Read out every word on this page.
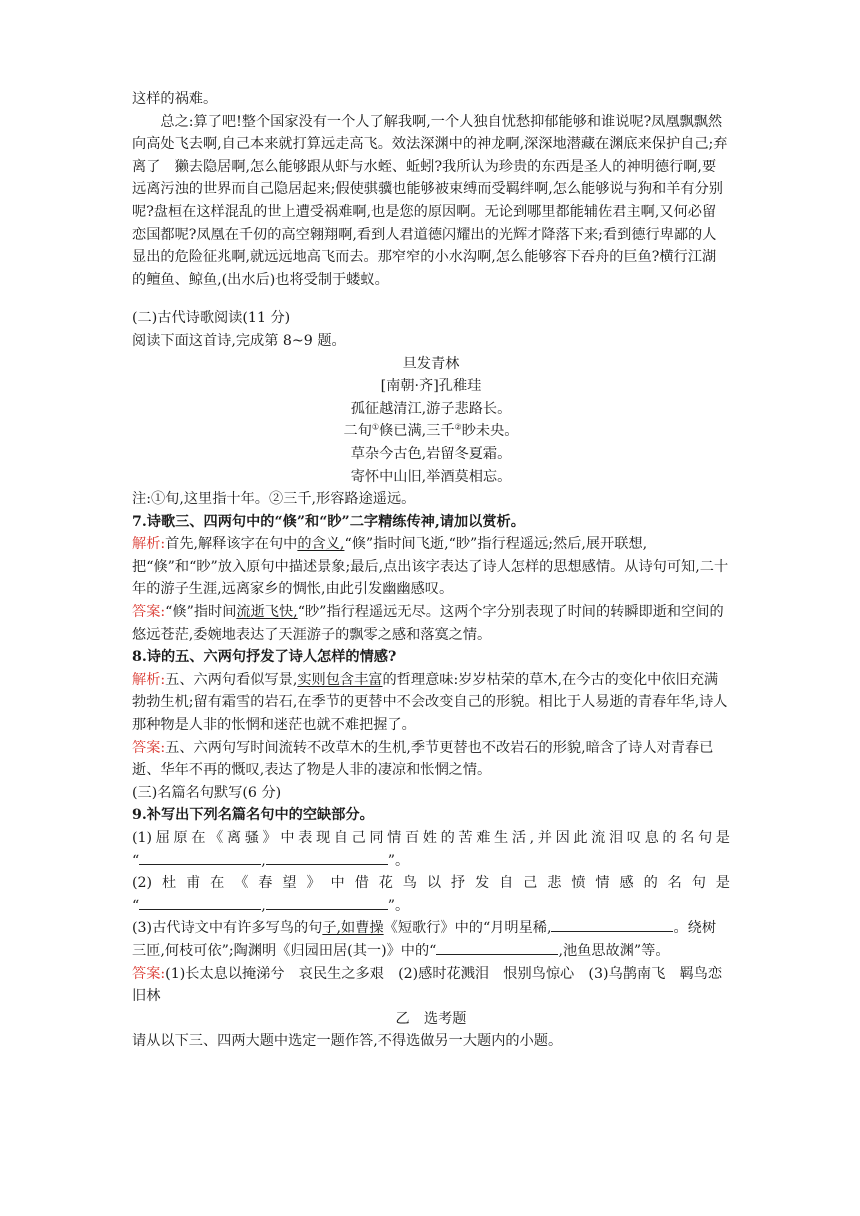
这样的祸难。

总之:算了吧!整个国家没有一个人了解我啊,一个人独自忧愁抑郁能够和谁说呢?凤凰飘飘然向高处飞去啊,自己本来就打算远走高飞。效法深渊中的神龙啊,深深地潜藏在渊底来保护自己;弃离了　獭去隐居啊,怎么能够跟从虾与水蛭、蚯蚓?我所认为珍贵的东西是圣人的神明德行啊,要远离污浊的世界而自己隐居起来;假使骐骥也能够被束缚而受羁绊啊,怎么能够说与狗和羊有分别呢?盘桓在这样混乱的世上遭受祸难啊,也是您的原因啊。无论到哪里都能辅佐君主啊,又何必留恋国都呢?凤凰在千仞的高空翱翔啊,看到人君道德闪耀出的光辉才降落下来;看到德行卑鄙的人显出的危险征兆啊,就远远地高飞而去。那窄窄的小水沟啊,怎么能够容下吞舟的巨鱼?横行江湖的鳣鱼、鲸鱼,(出水后)也将受制于蝼蚁。

(二)古代诗歌阅读(11 分)

阅读下面这首诗,完成第 8~9 题。

旦发青林

[南朝·齐]孔稚珪

孤征越清江,游子悲路长。

二旬①倏已满,三千②眇未央。

草杂今古色,岩留冬夏霜。

寄怀中山旧,举酒莫相忘。

注:①旬,这里指十年。②三千,形容路途遥远。

7.诗歌三、四两句中的“倏”和“眇”二字精练传神,请加以赏析。

解析:首先,解释该字在句中的含义,“倏”指时间飞逝,“眇”指行程遥远;然后,展开联想,把“倏”和“眇”放入原句中描述景象;最后,点出该字表达了诗人怎样的思想感情。从诗句可知,二十年的游子生涯,远离家乡的惆怅,由此引发幽幽感叹。

答案:“倏”指时间流逝飞快,“眇”指行程遥远无尽。这两个字分别表现了时间的转瞬即逝和空间的悠远苍茫,委婉地表达了天涯游子的飘零之感和落寞之情。

8.诗的五、六两句抒发了诗人怎样的情感?

解析:五、六两句看似写景,实则包含丰富的哲理意味:岁岁枯荣的草木,在今古的变化中依旧充满勃勃生机;留有霜雪的岩石,在季节的更替中不会改变自己的形貌。相比于人易逝的青春年华,诗人那种物是人非的怅惘和迷茫也就不难把握了。

答案:五、六两句写时间流转不改草木的生机,季节更替也不改岩石的形貌,暗含了诗人对青春已逝、华年不再的慨叹,表达了物是人非的凄凉和怅惘之情。

(三)名篇名句默写(6 分)

9.补写出下列名篇名句中的空缺部分。

(1)屈原在《离骚》中表现自己同情百姓的苦难生活,并因此流泪叹息的名句是

“	,	”。

(2)杜甫在《春望》中借花鸟以抒发自己悲愤情感的名句是

“	,	”。

(3)古代诗文中有许多写鸟的句子,如曹操《短歌行》中的“月明星稀,	。绕树三匝,何枝可依”;陶渊明《归园田居(其一)》中的“	,池鱼思故渊”等。

答案:(1)长太息以掩涕兮　哀民生之多艰　(2)感时花溅泪　恨别鸟惊心　(3)乌鹊南飞　羁鸟恋旧林

乙　选考题

请从以下三、四两大题中选定一题作答,不得选做另一大题内的小题。
